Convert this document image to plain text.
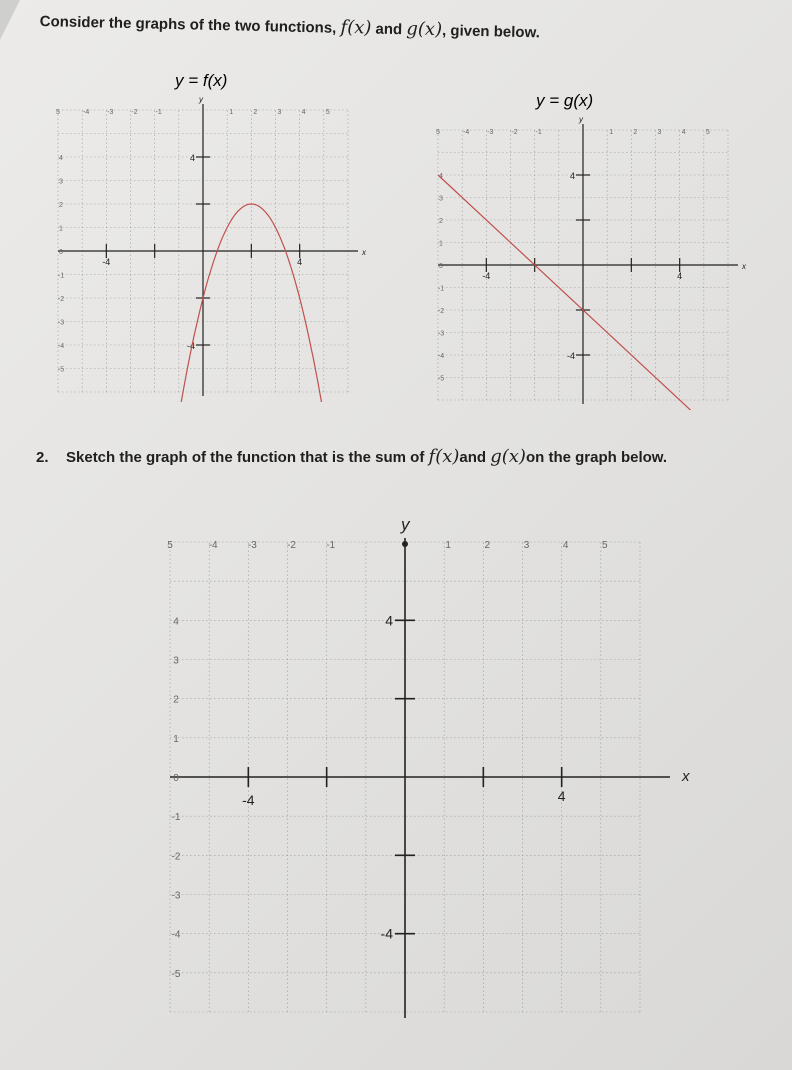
Consider the graphs of the two functions, f(x) and g(x), given below.
y = f(x)
4
-4
-4	4
x
y
5	-4	-3	-2	-1	1	2	3	4	5
4
3
2
1
0
-1
-2
-3
-4
-5
y = g(x)
4
-4
-4	4
x
y
5	-4	-3	-2	-1	1	2	3	4	5
4
3
2
1
0
-1
-2
-3
-4
-5
2. Sketch the graph of the function that is the sum of f(x)and g(x)on the graph below.
4
-4
-4	4
x
y
5	-4	-3	-2	-1	1	2	3	4	5
4
3
2
1
0
-1
-2
-3
-4
-5
